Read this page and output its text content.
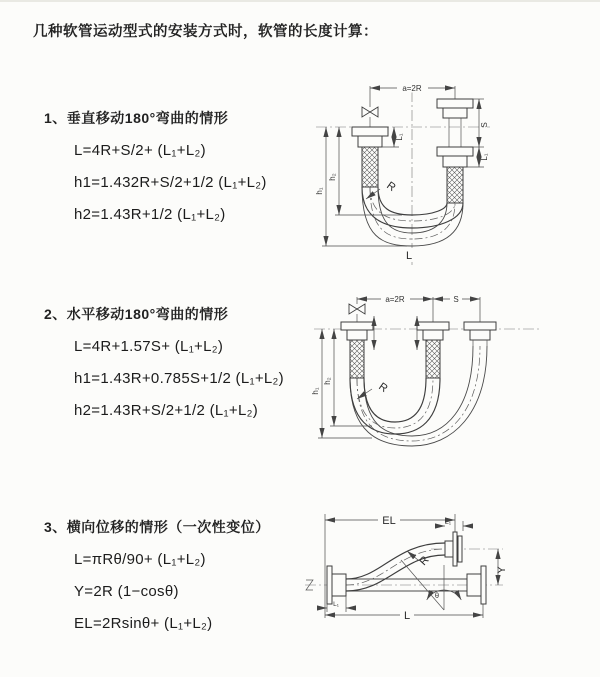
几种软管运动型式的安装方式时，软管的长度计算：
1、垂直移动180°弯曲的情形
L=4R+S/2+ (L₁+L₂)
h1=1.432R+S/2+1/2 (L₁+L₂)
h2=1.43R+1/2 (L₁+L₂)
2、水平移动180°弯曲的情形
L=4R+1.57S+ (L₁+L₂)
h1=1.43R+0.785S+1/2 (L₁+L₂)
h2=1.43R+S/2+1/2 (L₁+L₂)
3、横向位移的情形（一次性变位）
L=πRθ/90+ (L₁+L₂)
Y=2R (1−cosθ)
EL=2Rsinθ+ (L₁+L₂)
a=2R
S
L₁
L₁
h₁
h₂
R
L
a=2R	S
h₁
h₂	R
θ
EL	L₁
Y
R
L₁
L
